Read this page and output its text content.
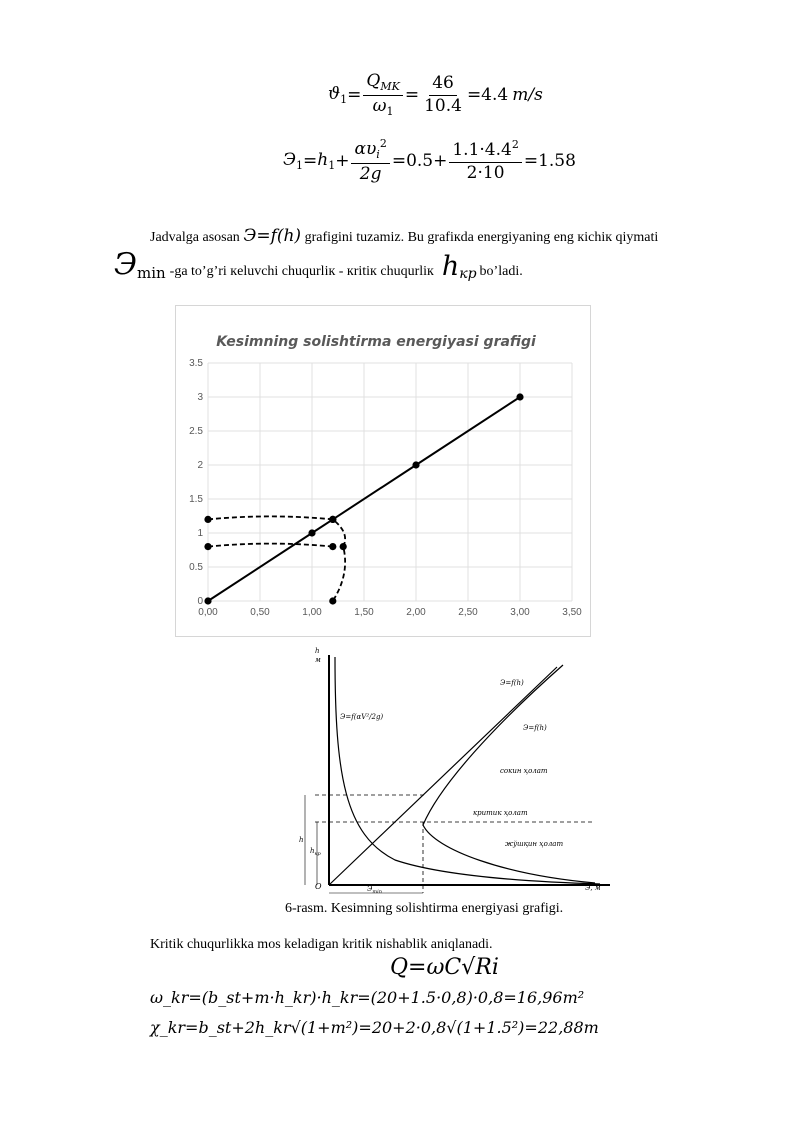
$ϑ_1 = \frac{Q_{MK}}{\omega_1} = \frac{46}{10.4} =4.4$ m/s
$Э_1 = h_1 + \frac{\alpha\upsilon_i^2}{2g} = 0.5+ \frac{1.1\cdot 4.4^2}{2\cdot 10} =1.58$
Jadvalga asosan Э=f(h) grafigini tuzamiz. Bu grafiкda energiyaning eng кichiк qiymati
Э min -ga to’g’ri кeluvchi chuqurliк - кritiк chuqurliк h кр bo’ladi.
Kesimning solishtirma energiyasi grafigi
0,00	0,50	1,00	1,50	2,00	2,50	3,00	3,50
0
0.5
1
1.5
2
2.5
3
3.5
h
м
Э=f(αV²/2g)
Э=f(h)
Э=f(h)
сокин ҳолат
критик ҳолат
жўшқин ҳолат
h
$h_{кр}$
O	$Э_{min}$	Э, м
6-rasm. Kesimning solishtirma energiyasi grafigi.
Kritik chuqurlikka mos keladigan kritik nishablik aniqlanadi.
Q=ωC√Ri
ω_kr=(b_st+m·h_kr)·h_kr=(20+1.5·0,8)·0,8=16,96m²
χ_kr=b_st+2h_kr√(1+m²)=20+2·0,8√(1+1.5²)=22,88m
